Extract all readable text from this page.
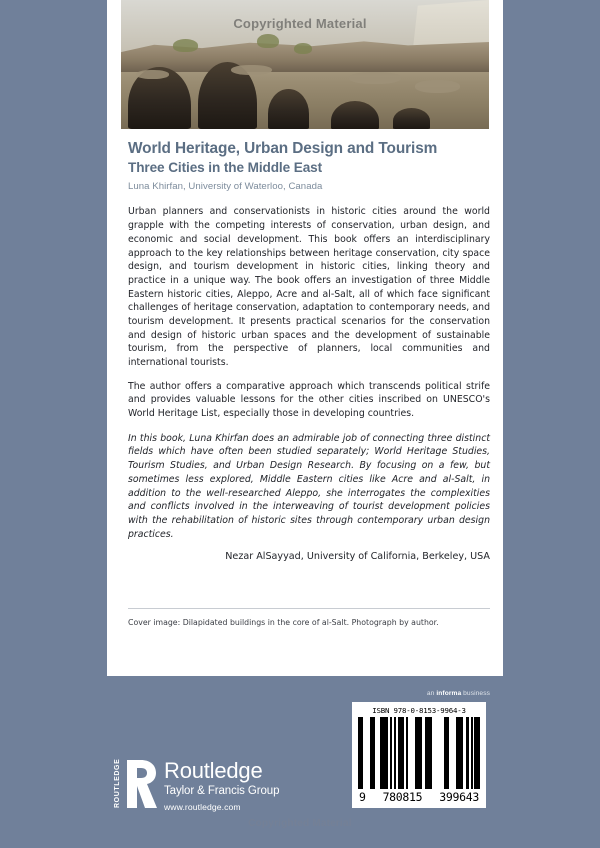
World Heritage, Urban Design and Tourism
Three Cities in the Middle East

Luna Khirfan, University of Waterloo, Canada

Urban planners and conservationists in historic cities around the world grapple with the competing interests of conservation, urban design, and economic and social development. This book offers an interdisciplinary approach to the key relationships between heritage conservation, city space design, and tourism development in historic cities, linking theory and practice in a unique way. The book offers an investigation of three Middle Eastern historic cities, Aleppo, Acre and al-Salt, all of which face significant challenges of heritage conservation, adaptation to contemporary needs, and tourism development. It presents practical scenarios for the conservation and design of historic urban spaces and the development of sustainable tourism, from the perspective of planners, local communities and international tourists.

The author offers a comparative approach which transcends political strife and provides valuable lessons for the other cities inscribed on UNESCO's World Heritage List, especially those in developing countries.

In this book, Luna Khirfan does an admirable job of connecting three distinct fields which have often been studied separately; World Heritage Studies, Tourism Studies, and Urban Design Research. By focusing on a few, but sometimes less explored, Middle Eastern cities like Acre and al-Salt, in addition to the well-researched Aleppo, she interrogates the complexities and conflicts involved in the interweaving of tourist development policies with the rehabilitation of historic sites through contemporary urban design practices.

Nezar AlSayyad, University of California, Berkeley, USA

Cover image: Dilapidated buildings in the core of al-Salt. Photograph by author.
Copyrighted Material
Copyrighted Material
ROUTLEDGE Routledge
Taylor & Francis Group
www.routledge.com
an informa business
ISBN 978-0-8153-9964-3
9 780815 399643
